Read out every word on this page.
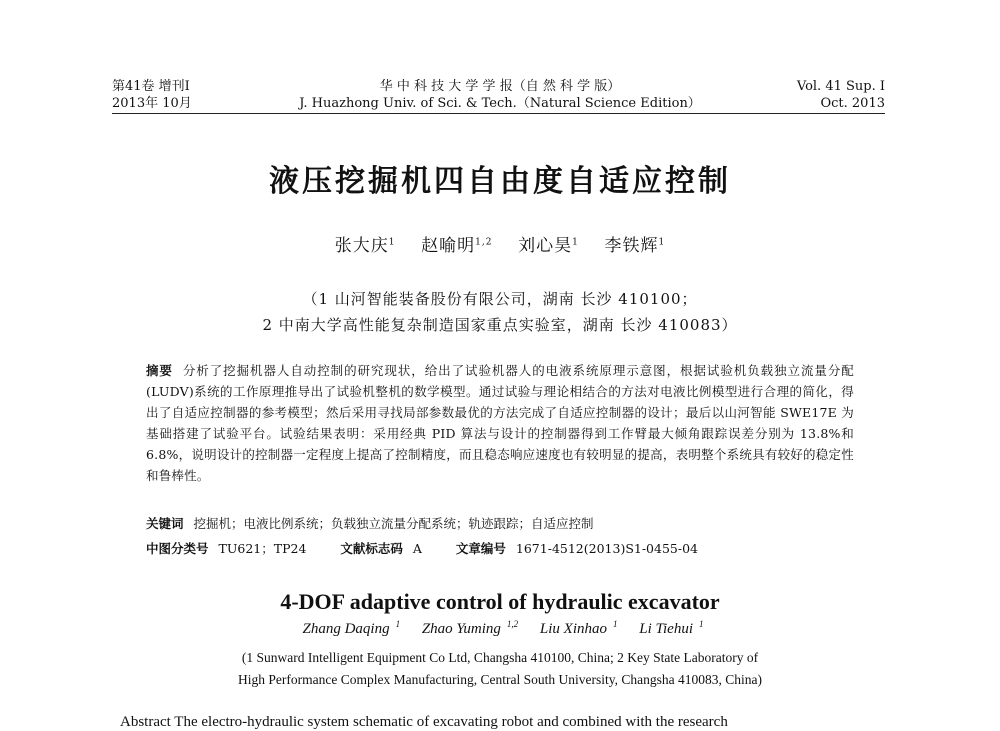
第41卷 增刊Ⅰ
2013年 10月
华 中 科 技 大 学 学 报（自 然 科 学 版）
J. Huazhong Univ. of Sci. & Tech.（Natural Science Edition）
Vol. 41 Sup. Ⅰ
Oct. 2013
液压挖掘机四自由度自适应控制
张大庆$^1$ 赵喻明$^{1,2}$ 刘心昊$^1$ 李铁辉$^1$
（1 山河智能装备股份有限公司，湖南 长沙 410100；
2 中南大学高性能复杂制造国家重点实验室，湖南 长沙 410083）
摘要 分析了挖掘机器人自动控制的研究现状，给出了试验机器人的电液系统原理示意图，根据试验机负载独立流量分配(LUDV)系统的工作原理推导出了试验机整机的数学模型。通过试验与理论相结合的方法对电液比例模型进行合理的简化，得出了自适应控制器的参考模型；然后采用寻找局部参数最优的方法完成了自适应控制器的设计；最后以山河智能 SWE17E 为基础搭建了试验平台。试验结果表明：采用经典 PID 算法与设计的控制器得到工作臂最大倾角跟踪误差分别为 13.8%和 6.8%，说明设计的控制器一定程度上提高了控制精度，而且稳态响应速度也有较明显的提高，表明整个系统具有较好的稳定性和鲁棒性。
关键词 挖掘机；电液比例系统；负载独立流量分配系统；轨迹跟踪；自适应控制
中图分类号 TU621；TP24	文献标志码 A	文章编号 1671-4512(2013)S1-0455-04
4-DOF adaptive control of hydraulic excavator
Zhang Daqing $^1$ Zhao Yuming $^{1,2}$ Liu Xinhao $^1$ Li Tiehui $^1$
(1 Sunward Intelligent Equipment Co Ltd, Changsha 410100, China; 2 Key State Laboratory of
High Performance Complex Manufacturing, Central South University, Changsha 410083, China)
Abstract The electro-hydraulic system schematic of excavating robot and combined with the research
